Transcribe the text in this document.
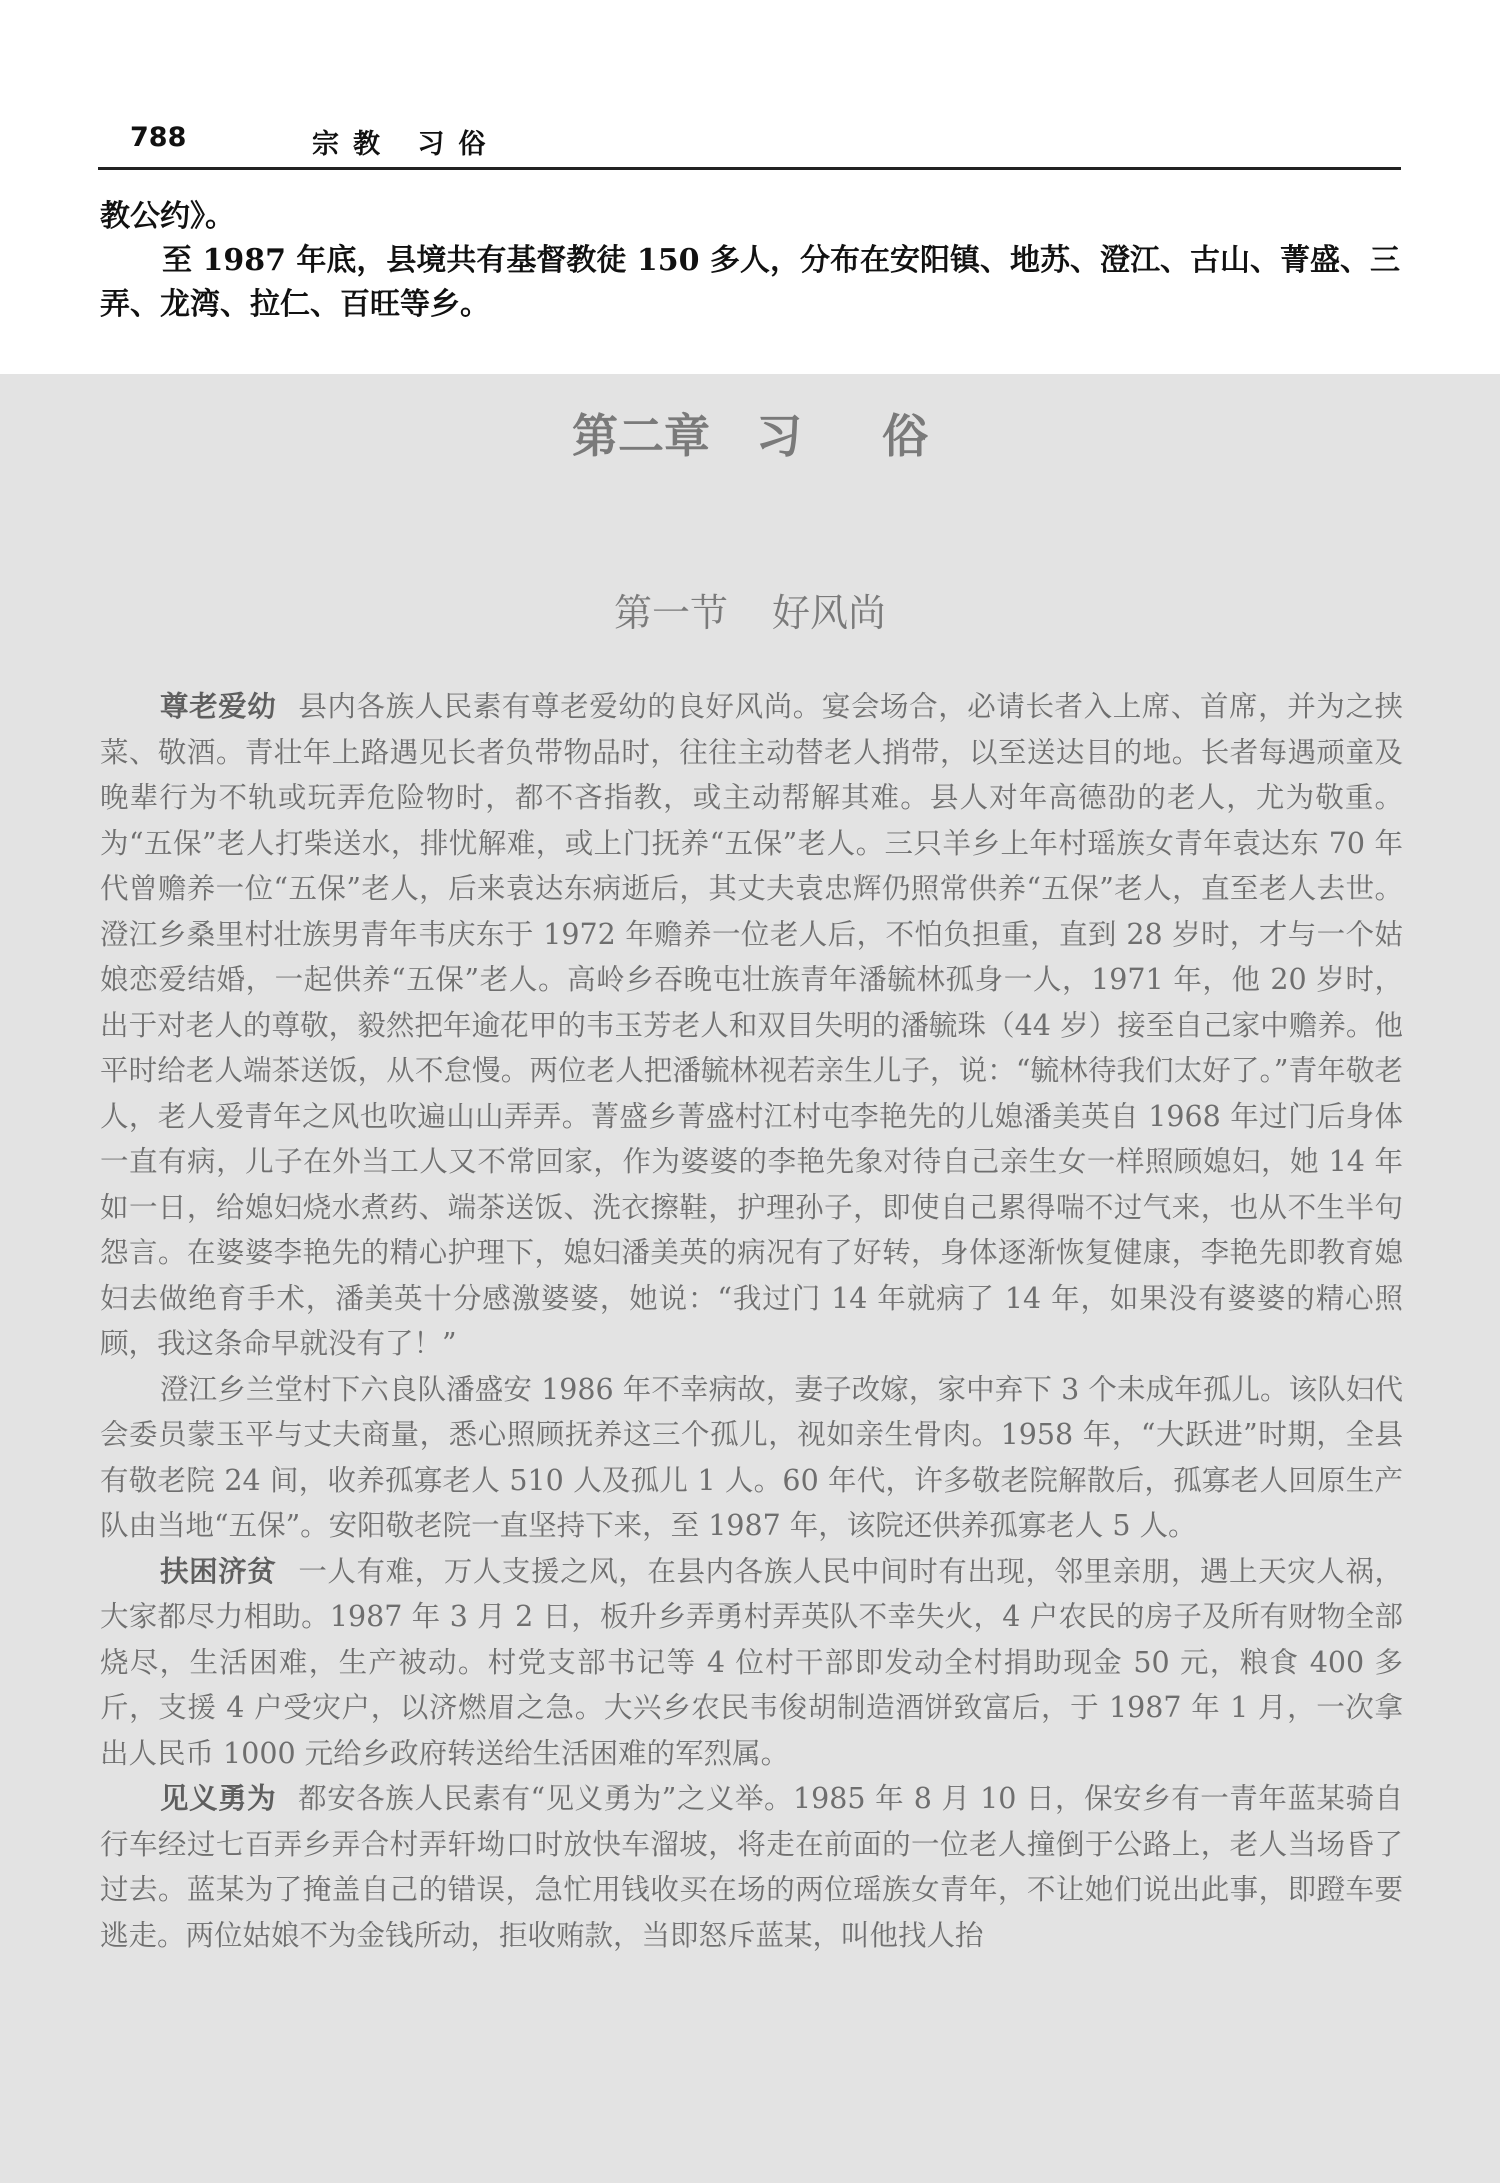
788	宗教 习俗

教公约》。

至 1987 年底，县境共有基督教徒 150 多人，分布在安阳镇、地苏、澄江、古山、菁盛、三弄、龙湾、拉仁、百旺等乡。

第二章 习 俗
第一节 好风尚

尊老爱幼 县内各族人民素有尊老爱幼的良好风尚。宴会场合，必请长者入上席、首席，并为之挟菜、敬酒。青壮年上路遇见长者负带物品时，往往主动替老人捎带，以至送达目的地。长者每遇顽童及晚辈行为不轨或玩弄危险物时，都不吝指教，或主动帮解其难。县人对年高德劭的老人，尤为敬重。为“五保”老人打柴送水，排忧解难，或上门抚养“五保”老人。三只羊乡上年村瑶族女青年袁达东 70 年代曾赡养一位“五保”老人，后来袁达东病逝后，其丈夫袁忠辉仍照常供养“五保”老人，直至老人去世。澄江乡桑里村壮族男青年韦庆东于 1972 年赡养一位老人后，不怕负担重，直到 28 岁时，才与一个姑娘恋爱结婚，一起供养“五保”老人。高岭乡吞晚屯壮族青年潘毓林孤身一人，1971 年，他 20 岁时，出于对老人的尊敬，毅然把年逾花甲的韦玉芳老人和双目失明的潘毓珠（44 岁）接至自己家中赡养。他平时给老人端茶送饭，从不怠慢。两位老人把潘毓林视若亲生儿子，说：“毓林待我们太好了。”青年敬老人，老人爱青年之风也吹遍山山弄弄。菁盛乡菁盛村江村屯李艳先的儿媳潘美英自 1968 年过门后身体一直有病，儿子在外当工人又不常回家，作为婆婆的李艳先象对待自己亲生女一样照顾媳妇，她 14 年如一日，给媳妇烧水煮药、端茶送饭、洗衣擦鞋，护理孙子，即使自己累得喘不过气来，也从不生半句怨言。在婆婆李艳先的精心护理下，媳妇潘美英的病况有了好转，身体逐渐恢复健康，李艳先即教育媳妇去做绝育手术，潘美英十分感激婆婆，她说：“我过门 14 年就病了 14 年，如果没有婆婆的精心照顾，我这条命早就没有了！”

澄江乡兰堂村下六良队潘盛安 1986 年不幸病故，妻子改嫁，家中弃下 3 个未成年孤儿。该队妇代会委员蒙玉平与丈夫商量，悉心照顾抚养这三个孤儿，视如亲生骨肉。1958 年，“大跃进”时期，全县有敬老院 24 间，收养孤寡老人 510 人及孤儿 1 人。60 年代，许多敬老院解散后，孤寡老人回原生产队由当地“五保”。安阳敬老院一直坚持下来，至 1987 年，该院还供养孤寡老人 5 人。

扶困济贫 一人有难，万人支援之风，在县内各族人民中间时有出现，邻里亲朋，遇上天灾人祸，大家都尽力相助。1987 年 3 月 2 日，板升乡弄勇村弄英队不幸失火，4 户农民的房子及所有财物全部烧尽，生活困难，生产被动。村党支部书记等 4 位村干部即发动全村捐助现金 50 元，粮食 400 多斤，支援 4 户受灾户，以济燃眉之急。大兴乡农民韦俊胡制造酒饼致富后，于 1987 年 1 月，一次拿出人民币 1000 元给乡政府转送给生活困难的军烈属。

见义勇为 都安各族人民素有“见义勇为”之义举。1985 年 8 月 10 日，保安乡有一青年蓝某骑自行车经过七百弄乡弄合村弄轩坳口时放快车溜坡，将走在前面的一位老人撞倒于公路上，老人当场昏了过去。蓝某为了掩盖自己的错误，急忙用钱收买在场的两位瑶族女青年，不让她们说出此事，即蹬车要逃走。两位姑娘不为金钱所动，拒收贿款，当即怒斥蓝某，叫他找人抬
